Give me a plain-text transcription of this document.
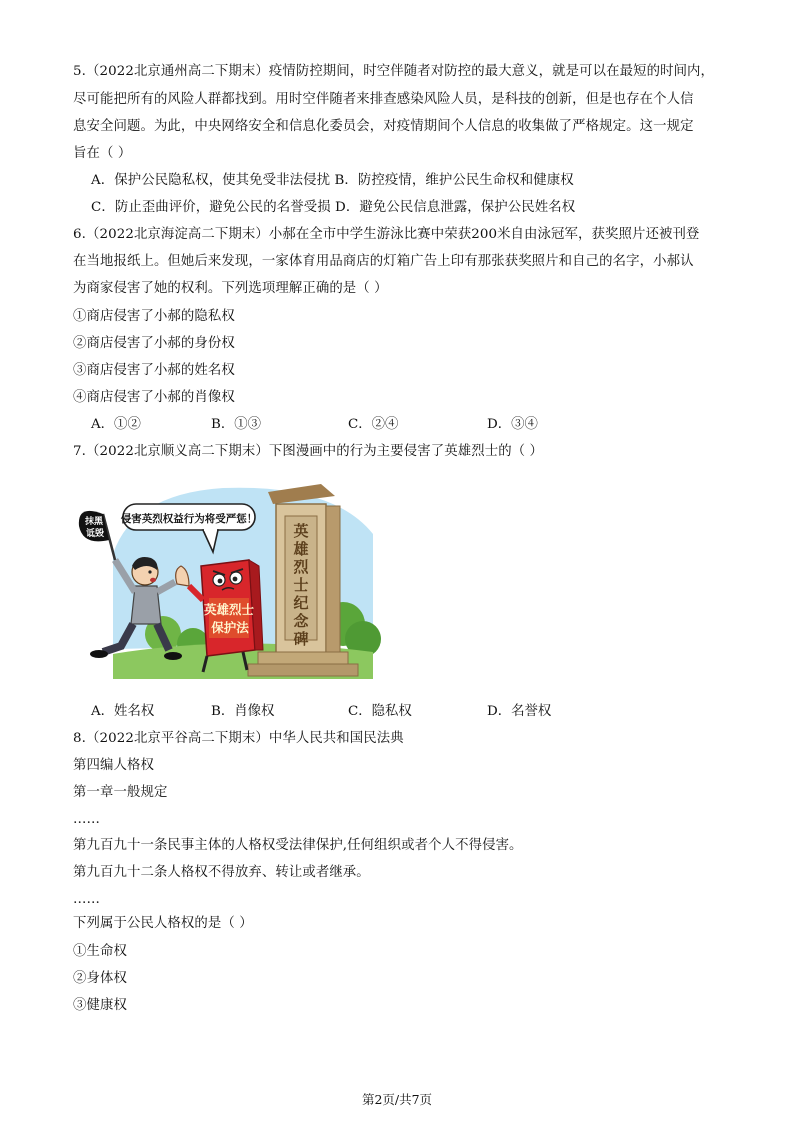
5.（2022北京通州高二下期末）疫情防控期间，时空伴随者对防控的最大意义，就是可以在最短的时间内，
尽可能把所有的风险人群都找到。用时空伴随者来排查感染风险人员，是科技的创新，但是也存在个人信
息安全问题。为此，中央网络安全和信息化委员会，对疫情期间个人信息的收集做了严格规定。这一规定
旨在（ ）
A．保护公民隐私权，使其免受非法侵扰 B．防控疫情，维护公民生命权和健康权
C．防止歪曲评价，避免公民的名誉受损 D．避免公民信息泄露，保护公民姓名权
6.（2022北京海淀高二下期末）小郝在全市中学生游泳比赛中荣获200米自由泳冠军，获奖照片还被刊登
在当地报纸上。但她后来发现，一家体育用品商店的灯箱广告上印有那张获奖照片和自己的名字，小郝认
为商家侵害了她的权利。下列选项理解正确的是（ ）
①商店侵害了小郝的隐私权
②商店侵害了小郝的身份权
③商店侵害了小郝的姓名权
④商店侵害了小郝的肖像权
A．①②	B．①③	C．②④	D．③④
7.（2022北京顺义高二下期末）下图漫画中的行为主要侵害了英雄烈士的（ ）
英
雄
烈
士
纪
念
碑
侵害英烈权益行为将受严惩！
英雄烈士
保护法
抹黑
诋毁
A．姓名权	B．肖像权	C．隐私权	D．名誉权
8.（2022北京平谷高二下期末）中华人民共和国民法典
第四编人格权
第一章一般规定
……
第九百九十一条民事主体的人格权受法律保护,任何组织或者个人不得侵害。
第九百九十二条人格权不得放弃、转让或者继承。
……
下列属于公民人格权的是（ ）
①生命权
②身体权
③健康权
第2页/共7页
